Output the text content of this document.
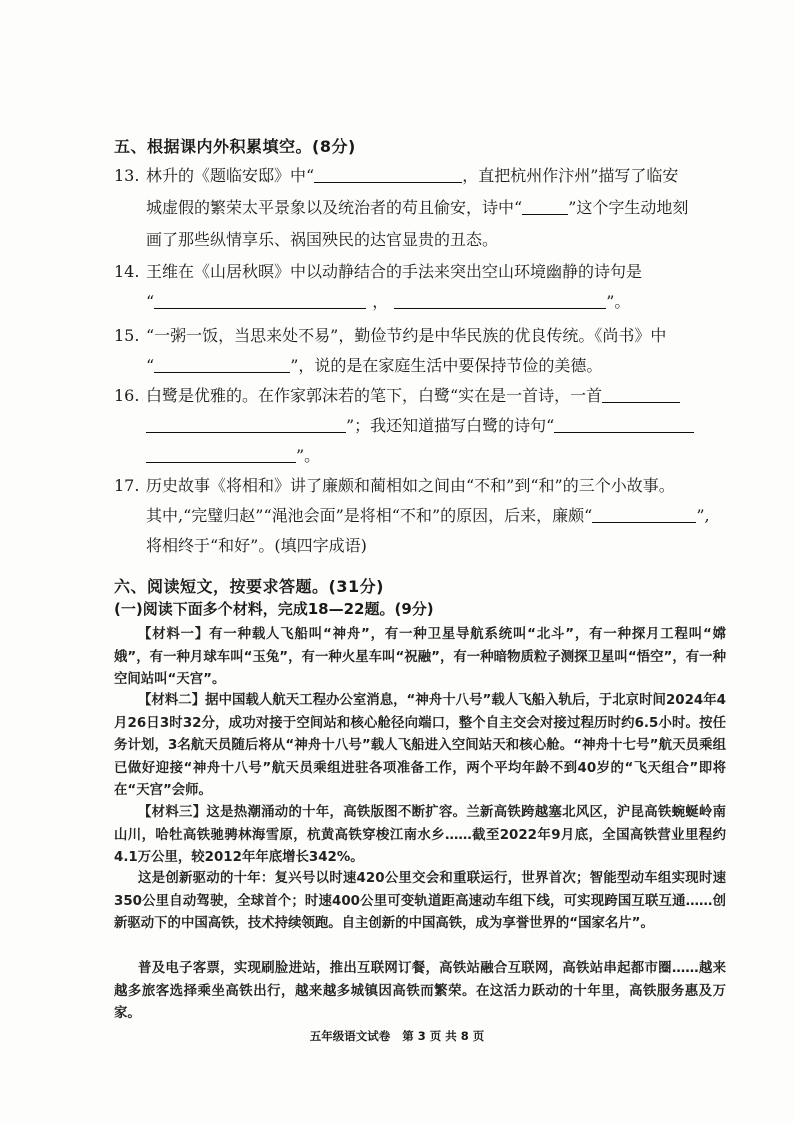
五、根据课内外积累填空。(8分)
13. 林升的《题临安邸》中“	，直把杭州作汴州”描写了临安
城虚假的繁荣太平景象以及统治者的苟且偷安，诗中“	”这个字生动地刻
画了那些纵情享乐、祸国殃民的达官显贵的丑态。
14. 王维在《山居秋暝》中以动静结合的手法来突出空山环境幽静的诗句是
“	，	”。
15. “一粥一饭，当思来处不易”，勤俭节约是中华民族的优良传统。《尚书》中
“	”，说的是在家庭生活中要保持节俭的美德。
16. 白鹭是优雅的。在作家郭沫若的笔下，白鹭“实在是一首诗，一首
”；我还知道描写白鹭的诗句“
”。
17. 历史故事《将相和》讲了廉颇和蔺相如之间由“不和”到“和”的三个小故事。
其中,“完璧归赵”“渑池会面”是将相“不和”的原因，后来，廉颇“	”,
将相终于“和好”。(填四字成语)
六、阅读短文，按要求答题。(31分)
(一)阅读下面多个材料，完成18—22题。(9分)
【材料一】有一种载人飞船叫“神舟”，有一种卫星导航系统叫“北斗”，有一种探月工程叫“嫦娥”，有一种月球车叫“玉兔”，有一种火星车叫“祝融”，有一种暗物质粒子测探卫星叫“悟空”，有一种空间站叫“天宫”。
【材料二】据中国载人航天工程办公室消息，“神舟十八号”载人飞船入轨后，于北京时间2024年4月26日3时32分，成功对接于空间站和核心舱径向端口，整个自主交会对接过程历时约6.5小时。按任务计划，3名航天员随后将从“神舟十八号”载人飞船进入空间站天和核心舱。“神舟十七号”航天员乘组已做好迎接“神舟十八号”航天员乘组进驻各项准备工作，两个平均年龄不到40岁的“飞天组合”即将在“天宫”会师。
【材料三】这是热潮涌动的十年，高铁版图不断扩容。兰新高铁跨越塞北风区，沪昆高铁蜿蜒岭南山川，哈牡高铁驰骋林海雪原，杭黄高铁穿梭江南水乡……截至2022年9月底，全国高铁营业里程约4.1万公里，较2012年年底增长342%。
这是创新驱动的十年：复兴号以时速420公里交会和重联运行，世界首次；智能型动车组实现时速350公里自动驾驶，全球首个；时速400公里可变轨道距高速动车组下线，可实现跨国互联互通……创新驱动下的中国高铁，技术持续领跑。自主创新的中国高铁，成为享誉世界的“国家名片”。
普及电子客票，实现刷脸进站，推出互联网订餐，高铁站融合互联网，高铁站串起都市圈……越来越多旅客选择乘坐高铁出行，越来越多城镇因高铁而繁荣。在这活力跃动的十年里，高铁服务惠及万家。
五年级语文试卷 第 3 页 共 8 页
